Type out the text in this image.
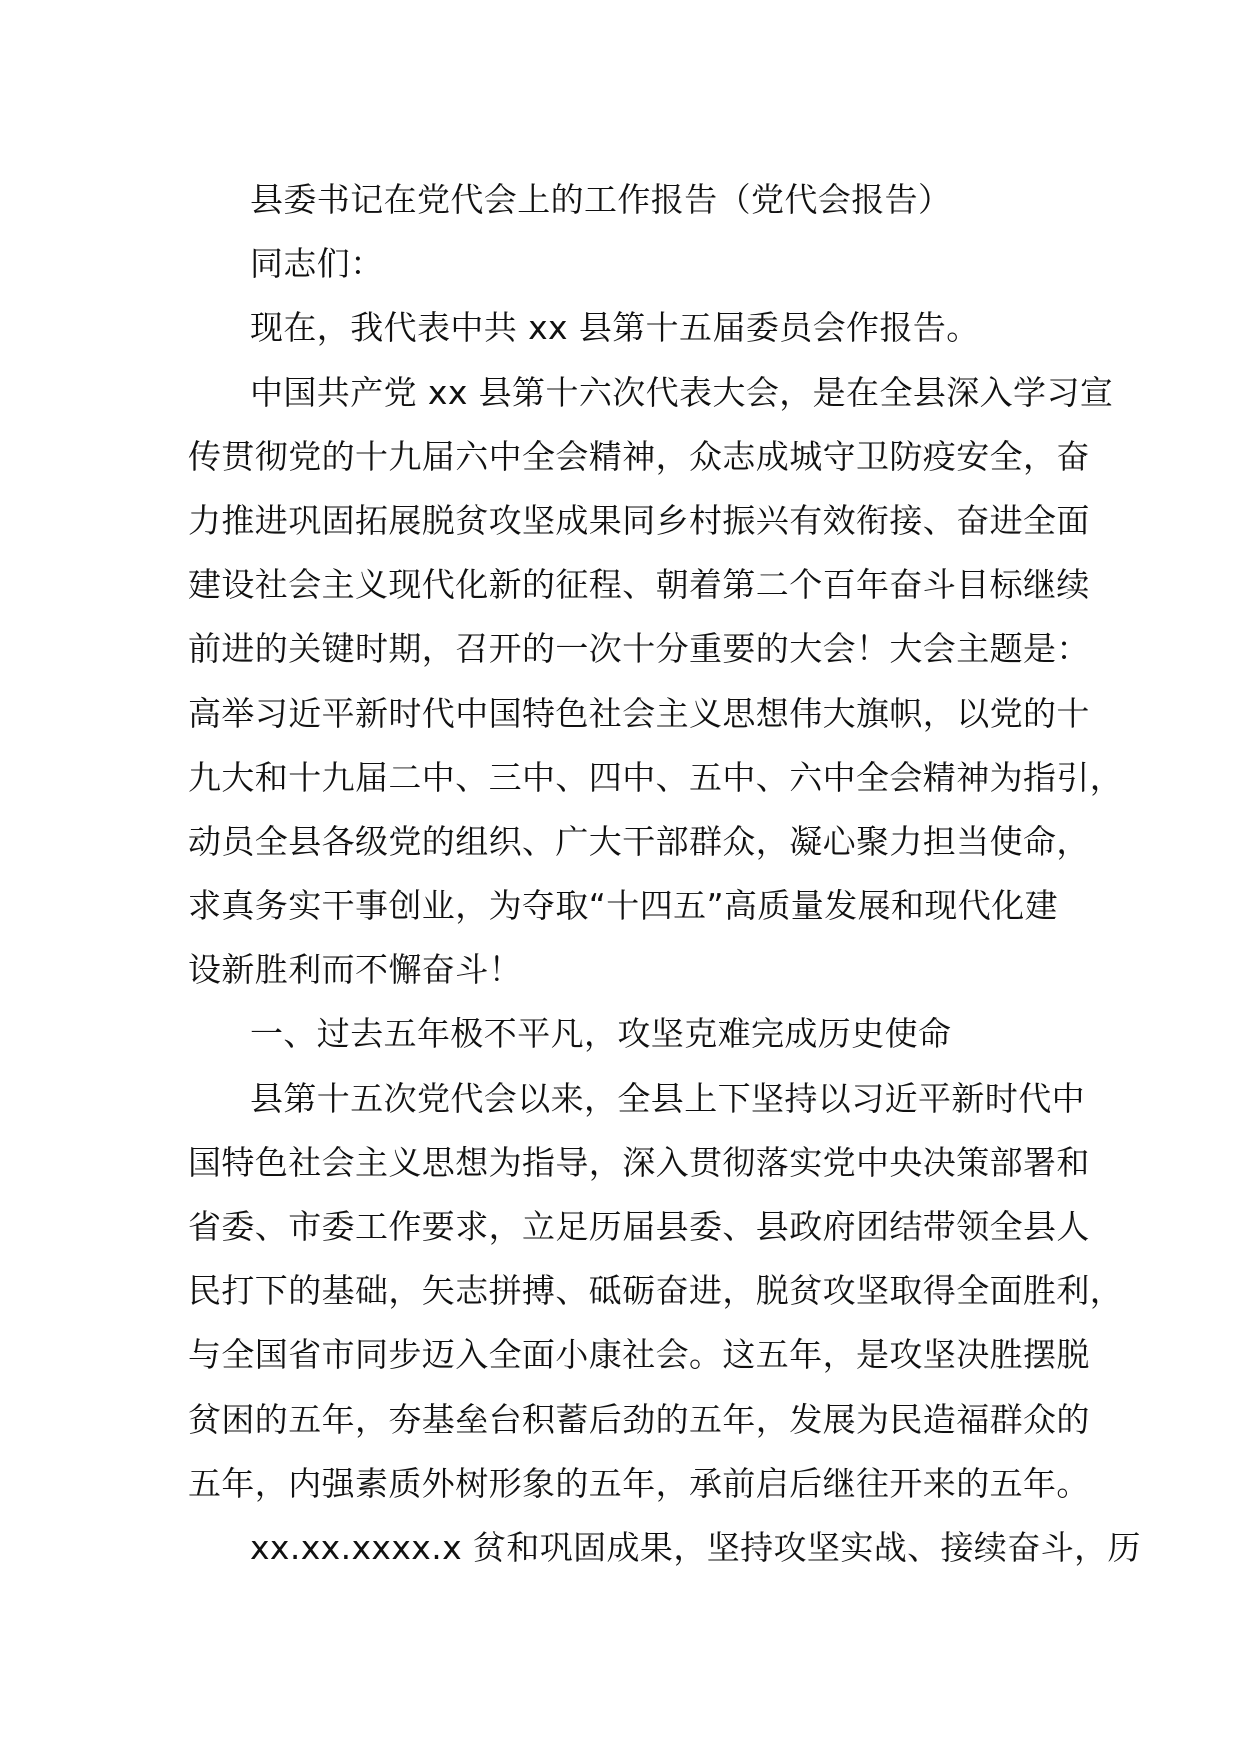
县委书记在党代会上的工作报告（党代会报告）
同志们：
现在，我代表中共 xx 县第十五届委员会作报告。
中国共产党 xx 县第十六次代表大会，是在全县深入学习宣
传贯彻党的十九届六中全会精神，众志成城守卫防疫安全，奋
力推进巩固拓展脱贫攻坚成果同乡村振兴有效衔接、奋进全面
建设社会主义现代化新的征程、朝着第二个百年奋斗目标继续
前进的关键时期，召开的一次十分重要的大会！大会主题是：
高举习近平新时代中国特色社会主义思想伟大旗帜，以党的十
九大和十九届二中、三中、四中、五中、六中全会精神为指引，
动员全县各级党的组织、广大干部群众，凝心聚力担当使命，
求真务实干事创业，为夺取“十四五”高质量发展和现代化建
设新胜利而不懈奋斗！
一、过去五年极不平凡，攻坚克难完成历史使命
县第十五次党代会以来，全县上下坚持以习近平新时代中
国特色社会主义思想为指导，深入贯彻落实党中央决策部署和
省委、市委工作要求，立足历届县委、县政府团结带领全县人
民打下的基础，矢志拼搏、砥砺奋进，脱贫攻坚取得全面胜利，
与全国省市同步迈入全面小康社会。这五年，是攻坚决胜摆脱
贫困的五年，夯基垒台积蓄后劲的五年，发展为民造福群众的
五年，内强素质外树形象的五年，承前启后继往开来的五年。
xx.xx.xxxx.x 贫和巩固成果，坚持攻坚实战、接续奋斗，历
